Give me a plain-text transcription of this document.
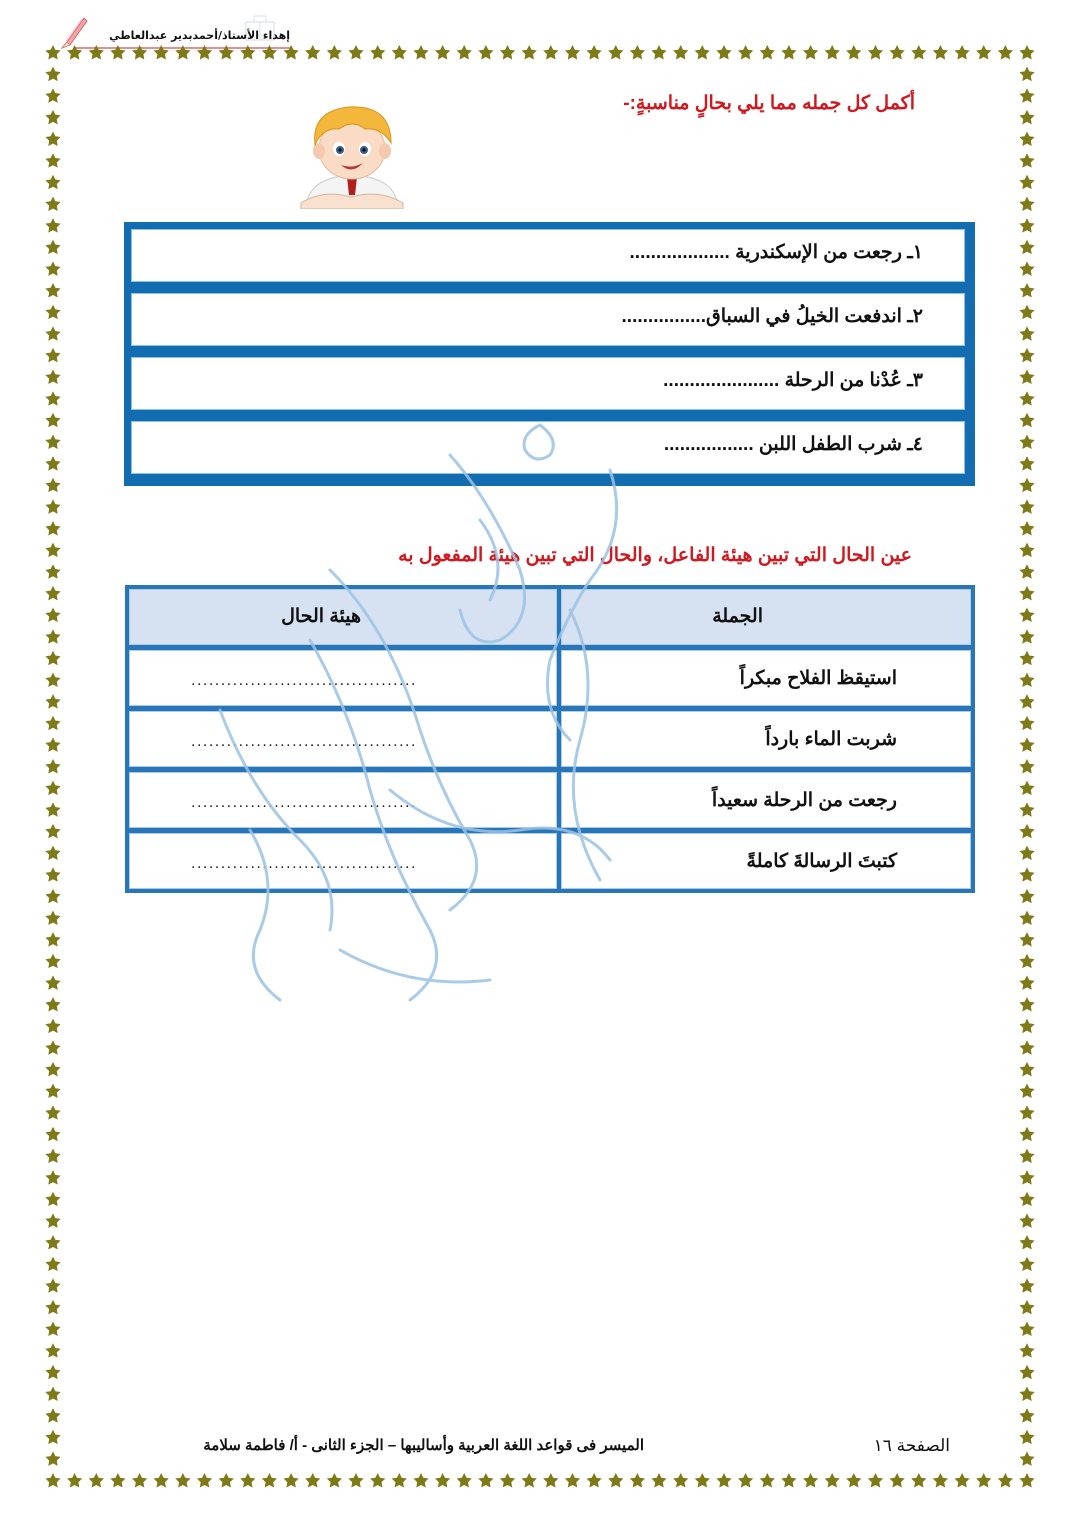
إهداء الأستاذ/أحمدبدير عبدالعاطي
أكمل كل جمله مما يلي بحالٍ مناسبةٍ:-
١ـ رجعت من الإسكندرية ...................
٢ـ اندفعت الخيلُ في السباق................
٣ـ عُدْنا من الرحلة ......................
٤ـ شرب الطفل اللبن .................
عين الحال التي تبين هيئة الفاعل، والحال التي تبين هيئة المفعول به
الجملة
هيئة الحال
استيقظ الفلاح مبكراً
......................................
شربت الماء بارداً
......................................
رجعت من الرحلة سعيداً
......................................
كتبتَ الرسالةَ كاملةً
......................................
الميسر فى قواعد اللغة العربية وأساليبها – الجزء الثانى - أ/ فاطمة سلامة	الصفحة ١٦
